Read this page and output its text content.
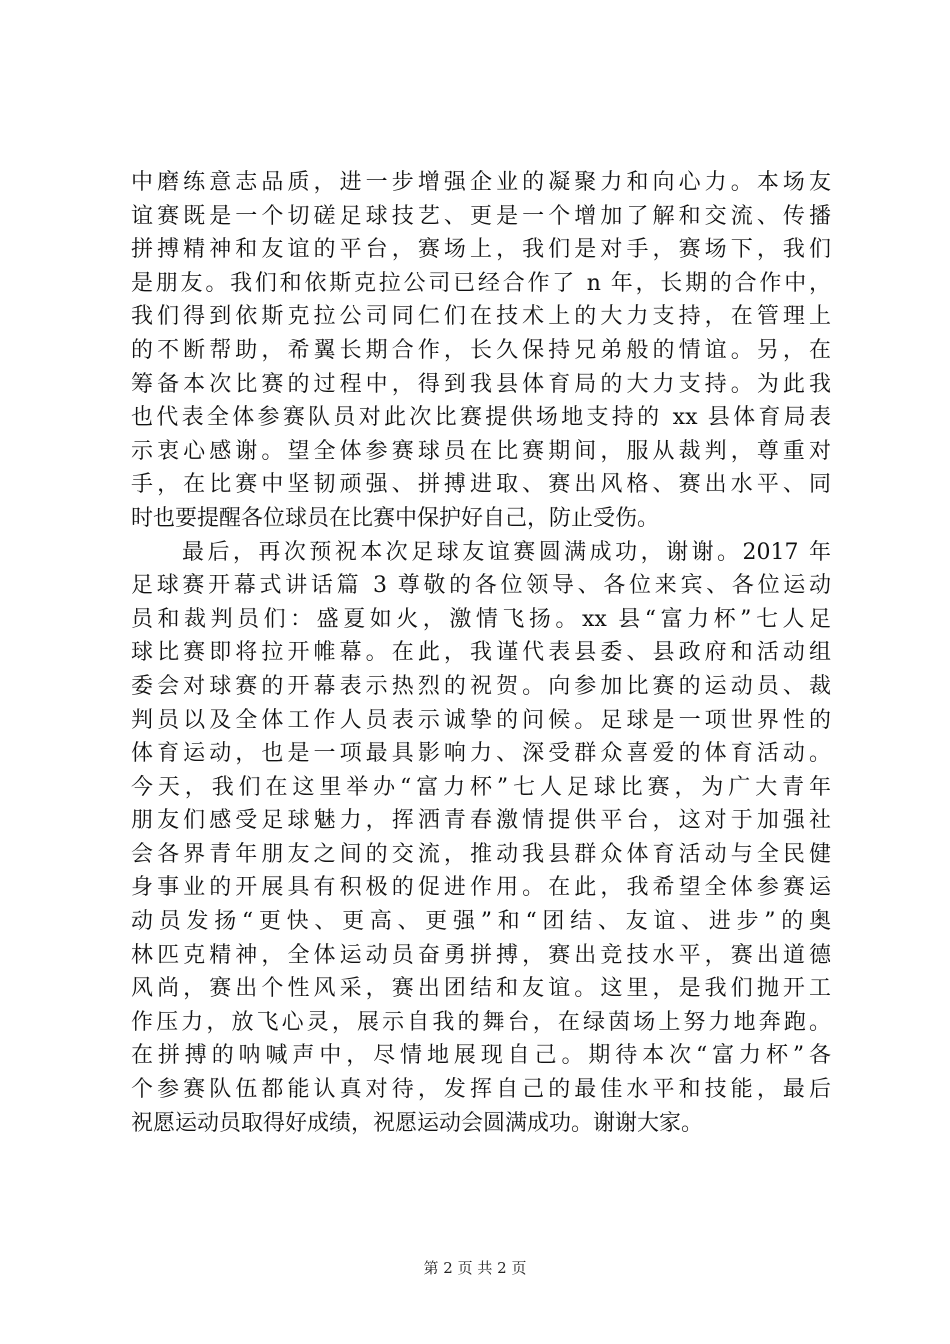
中磨练意志品质，进一步增强企业的凝聚力和向心力。本场友
谊赛既是一个切磋足球技艺、更是一个增加了解和交流、传播
拼搏精神和友谊的平台，赛场上，我们是对手，赛场下，我们
是朋友。我们和依斯克拉公司已经合作了 n 年，长期的合作中，
我们得到依斯克拉公司同仁们在技术上的大力支持，在管理上
的不断帮助，希翼长期合作，长久保持兄弟般的情谊。另，在
筹备本次比赛的过程中，得到我县体育局的大力支持。为此我
也代表全体参赛队员对此次比赛提供场地支持的 xx 县体育局表
示衷心感谢。望全体参赛球员在比赛期间，服从裁判，尊重对
手，在比赛中坚韧顽强、拼搏进取、赛出风格、赛出水平、同
时也要提醒各位球员在比赛中保护好自己，防止受伤。
　　最后，再次预祝本次足球友谊赛圆满成功，谢谢。2017 年
足球赛开幕式讲话篇 3 尊敬的各位领导、各位来宾、各位运动
员和裁判员们：盛夏如火，激情飞扬。xx 县“富力杯”七人足
球比赛即将拉开帷幕。在此，我谨代表县委、县政府和活动组
委会对球赛的开幕表示热烈的祝贺。向参加比赛的运动员、裁
判员以及全体工作人员表示诚挚的问候。足球是一项世界性的
体育运动，也是一项最具影响力、深受群众喜爱的体育活动。
今天，我们在这里举办“富力杯”七人足球比赛，为广大青年
朋友们感受足球魅力，挥洒青春激情提供平台，这对于加强社
会各界青年朋友之间的交流，推动我县群众体育活动与全民健
身事业的开展具有积极的促进作用。在此，我希望全体参赛运
动员发扬“更快、更高、更强”和“团结、友谊、进步”的奥
林匹克精神，全体运动员奋勇拼搏，赛出竞技水平，赛出道德
风尚，赛出个性风采，赛出团结和友谊。这里，是我们抛开工
作压力，放飞心灵，展示自我的舞台，在绿茵场上努力地奔跑。
在拼搏的呐喊声中，尽情地展现自己。期待本次“富力杯”各
个参赛队伍都能认真对待，发挥自己的最佳水平和技能，最后
祝愿运动员取得好成绩，祝愿运动会圆满成功。谢谢大家。
第 2 页 共 2 页
